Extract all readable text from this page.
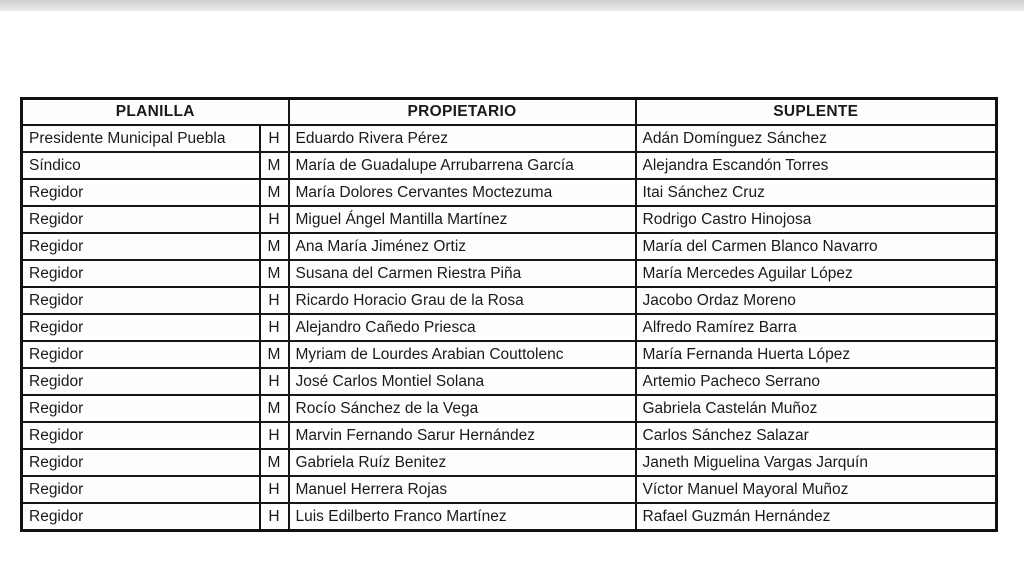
PLANILLA		PROPIETARIO	SUPLENTE
Presidente Municipal Puebla	H	Eduardo Rivera Pérez	Adán Domínguez Sánchez
Síndico	M	María de Guadalupe Arrubarrena García	Alejandra Escandón Torres
Regidor	M	María Dolores Cervantes Moctezuma	Itai Sánchez Cruz
Regidor	H	Miguel Ángel Mantilla Martínez	Rodrigo Castro Hinojosa
Regidor	M	Ana María Jiménez Ortiz	María del Carmen Blanco Navarro
Regidor	M	Susana del Carmen Riestra Piña	María Mercedes Aguilar López
Regidor	H	Ricardo Horacio Grau de la Rosa	Jacobo Ordaz Moreno
Regidor	H	Alejandro Cañedo Priesca	Alfredo Ramírez Barra
Regidor	M	Myriam de Lourdes Arabian Couttolenc	María Fernanda Huerta López
Regidor	H	José Carlos Montiel Solana	Artemio Pacheco Serrano
Regidor	M	Rocío Sánchez de la Vega	Gabriela Castelán Muñoz
Regidor	H	Marvin Fernando Sarur Hernández	Carlos Sánchez Salazar
Regidor	M	Gabriela Ruíz Benitez	Janeth Miguelina Vargas Jarquín
Regidor	H	Manuel Herrera Rojas	Víctor Manuel Mayoral Muñoz
Regidor	H	Luis Edilberto Franco Martínez	Rafael Guzmán Hernández
